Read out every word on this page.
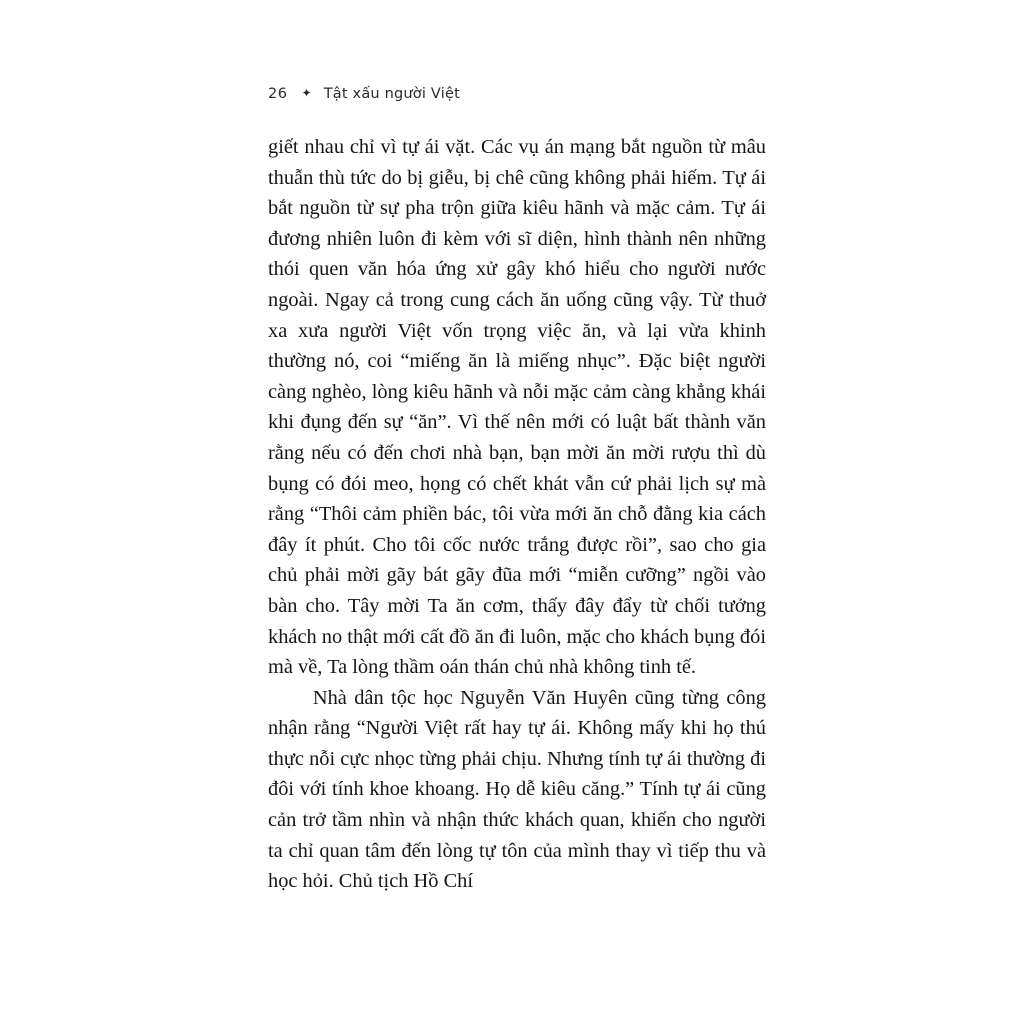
26 ✦ Tật xấu người Việt

giết nhau chỉ vì tự ái vặt. Các vụ án mạng bắt nguồn từ mâu thuẫn thù tức do bị giễu, bị chê cũng không phải hiếm. Tự ái bắt nguồn từ sự pha trộn giữa kiêu hãnh và mặc cảm. Tự ái đương nhiên luôn đi kèm với sĩ diện, hình thành nên những thói quen văn hóa ứng xử gây khó hiểu cho người nước ngoài. Ngay cả trong cung cách ăn uống cũng vậy. Từ thuở xa xưa người Việt vốn trọng việc ăn, và lại vừa khinh thường nó, coi “miếng ăn là miếng nhục”. Đặc biệt người càng nghèo, lòng kiêu hãnh và nỗi mặc cảm càng khẳng khái khi đụng đến sự “ăn”. Vì thế nên mới có luật bất thành văn rằng nếu có đến chơi nhà bạn, bạn mời ăn mời rượu thì dù bụng có đói meo, họng có chết khát vẫn cứ phải lịch sự mà rằng “Thôi cảm phiền bác, tôi vừa mới ăn chỗ đằng kia cách đây ít phút. Cho tôi cốc nước trắng được rồi”, sao cho gia chủ phải mời gãy bát gãy đũa mới “miễn cưỡng” ngồi vào bàn cho. Tây mời Ta ăn cơm, thấy đây đẩy từ chối tưởng khách no thật mới cất đồ ăn đi luôn, mặc cho khách bụng đói mà về, Ta lòng thầm oán thán chủ nhà không tinh tế.

Nhà dân tộc học Nguyễn Văn Huyên cũng từng công nhận rằng “Người Việt rất hay tự ái. Không mấy khi họ thú thực nỗi cực nhọc từng phải chịu. Nhưng tính tự ái thường đi đôi với tính khoe khoang. Họ dễ kiêu căng.” Tính tự ái cũng cản trở tầm nhìn và nhận thức khách quan, khiến cho người ta chỉ quan tâm đến lòng tự tôn của mình thay vì tiếp thu và học hỏi. Chủ tịch Hồ Chí
